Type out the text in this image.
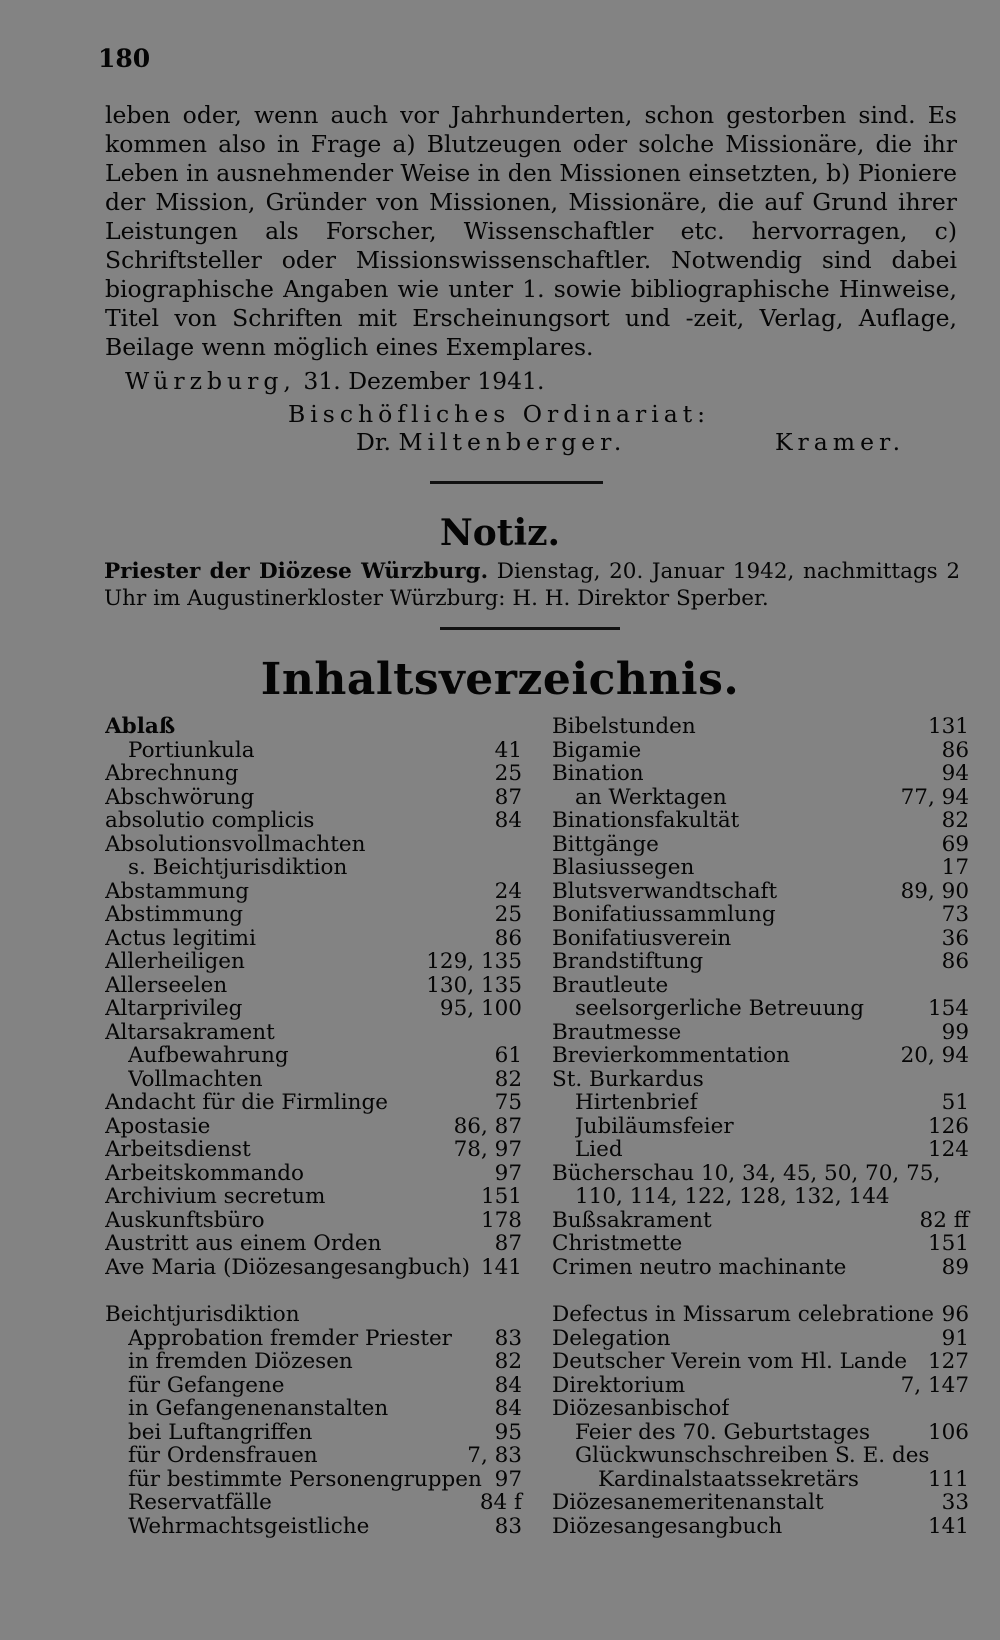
180

leben oder, wenn auch vor Jahrhunderten, schon gestorben sind. Es kommen also in Frage a) Blutzeugen oder solche Missionäre, die ihr Leben in ausnehmender Weise in den Missionen einsetzten, b) Pioniere der Mission, Gründer von Missionen, Missionäre, die auf Grund ihrer Leistungen als Forscher, Wissenschaftler etc. hervorragen, c) Schriftsteller oder Missionswissenschaftler. Notwendig sind dabei biographische Angaben wie unter 1. sowie bibliographische Hinweise, Titel von Schriften mit Erscheinungsort und -zeit, Verlag, Auflage, Beilage wenn möglich eines Exemplares.

Würzburg, 31. Dezember 1941.
Bischöfliches Ordinariat:
Dr. Miltenberger.	Kramer.
Notiz.
Priester der Diözese Würzburg. Dienstag, 20. Januar 1942, nachmittags 2 Uhr im Augustinerkloster Würzburg: H. H. Direktor Sperber.
Inhaltsverzeichnis.
Ablaß
Portiunkula	41
Abrechnung	25
Abschwörung	87
absolutio complicis	84
Absolutionsvollmachten
s. Beichtjurisdiktion
Abstammung	24
Abstimmung	25
Actus legitimi	86
Allerheiligen	129, 135
Allerseelen	130, 135
Altarprivileg	95, 100
Altarsakrament
Aufbewahrung	61
Vollmachten	82
Andacht für die Firmlinge	75
Apostasie	86, 87
Arbeitsdienst	78, 97
Arbeitskommando	97
Archivium secretum	151
Auskunftsbüro	178
Austritt aus einem Orden	87
Ave Maria (Diözesangesangbuch) 141
Beichtjurisdiktion
Approbation fremder Priester	83
in fremden Diözesen	82
für Gefangene	84
in Gefangenenanstalten	84
bei Luftangriffen	95
für Ordensfrauen	7, 83
für bestimmte Personengruppen 97
Reservatfälle	84 f
Wehrmachtsgeistliche	83
Bibelstunden	131
Bigamie	86
Bination	94
an Werktagen	77, 94
Binationsfakultät	82
Bittgänge	69
Blasiussegen	17
Blutsverwandtschaft	89, 90
Bonifatiussammlung	73
Bonifatiusverein	36
Brandstiftung	86
Brautleute
seelsorgerliche Betreuung	154
Brautmesse	99
Brevierkommentation	20, 94
St. Burkardus
Hirtenbrief	51
Jubiläumsfeier	126
Lied	124
Bücherschau 10, 34, 45, 50, 70, 75, 110, 114, 122, 128, 132, 144
Bußsakrament	82 ff
Christmette	151
Crimen neutro machinante	89
Defectus in Missarum celebratione 96
Delegation	91
Deutscher Verein vom Hl. Lande 127
Direktorium	7, 147
Diözesanbischof
Feier des 70. Geburtstages	106
Glückwunschschreiben S. E. des
Kardinalstaatssekretärs	111
Diözesanemeritenanstalt	33
Diözesangesangbuch	141
